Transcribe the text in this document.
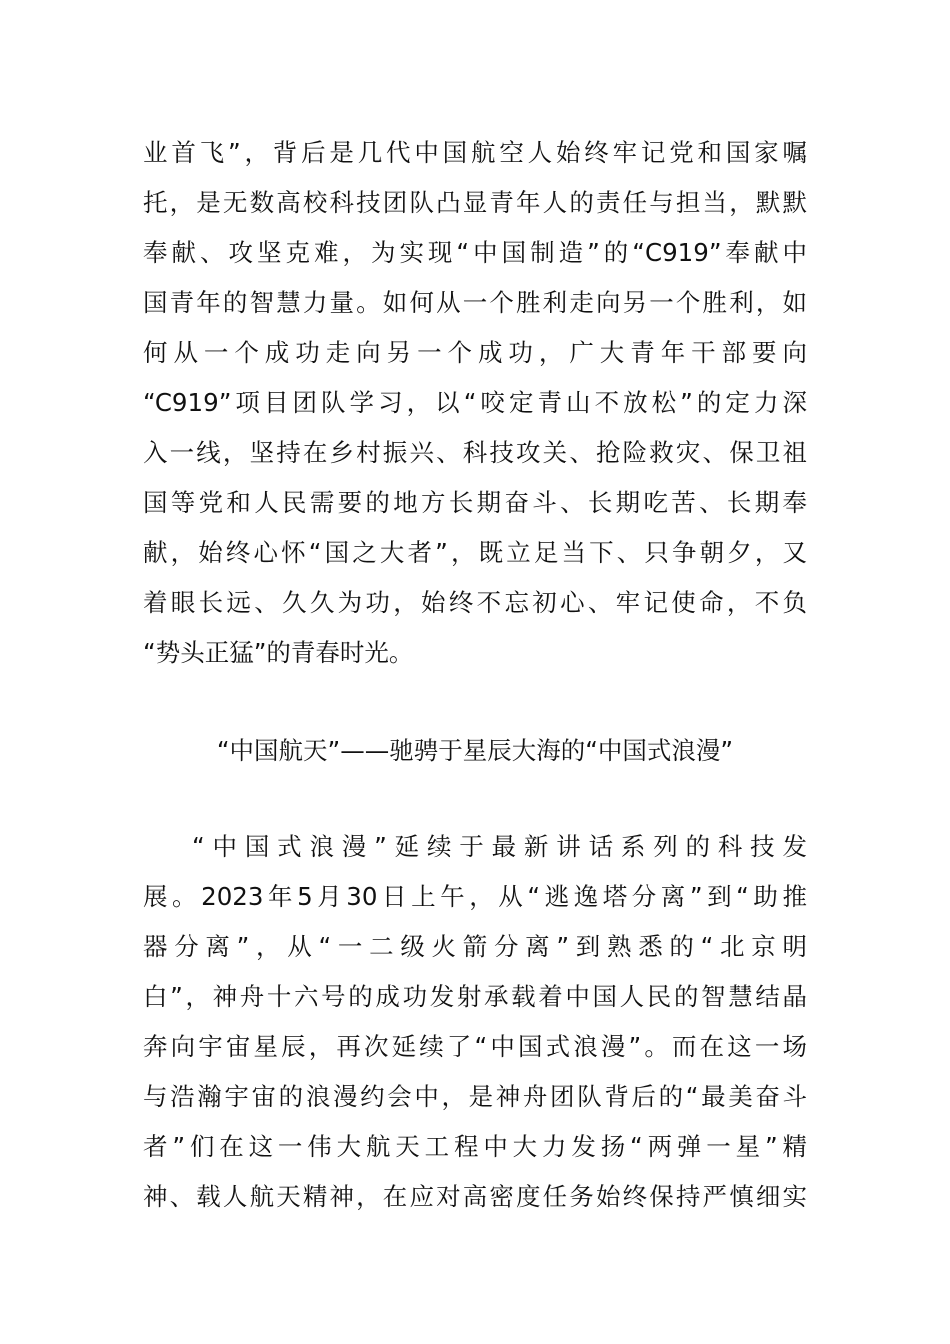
业首飞”，背后是几代中国航空人始终牢记党和国家嘱
托，是无数高校科技团队凸显青年人的责任与担当，默默
奉献、攻坚克难，为实现“中国制造”的“C919”奉献中
国青年的智慧力量。如何从一个胜利走向另一个胜利，如
何从一个成功走向另一个成功，广大青年干部要向
“C919”项目团队学习，以“咬定青山不放松”的定力深
入一线，坚持在乡村振兴、科技攻关、抢险救灾、保卫祖
国等党和人民需要的地方长期奋斗、长期吃苦、长期奉
献，始终心怀“国之大者”，既立足当下、只争朝夕，又
着眼长远、久久为功，始终不忘初心、牢记使命，不负
“势头正猛”的青春时光。
“中国航天”——驰骋于星辰大海的“中国式浪漫”
“中国式浪漫”延续于最新讲话系列的科技发
展。2023年5月30日上午，从“逃逸塔分离”到“助推
器分离”，从“一二级火箭分离”到熟悉的“北京明
白”，神舟十六号的成功发射承载着中国人民的智慧结晶
奔向宇宙星辰，再次延续了“中国式浪漫”。而在这一场
与浩瀚宇宙的浪漫约会中，是神舟团队背后的“最美奋斗
者”们在这一伟大航天工程中大力发扬“两弹一星”精
神、载人航天精神，在应对高密度任务始终保持严慎细实
